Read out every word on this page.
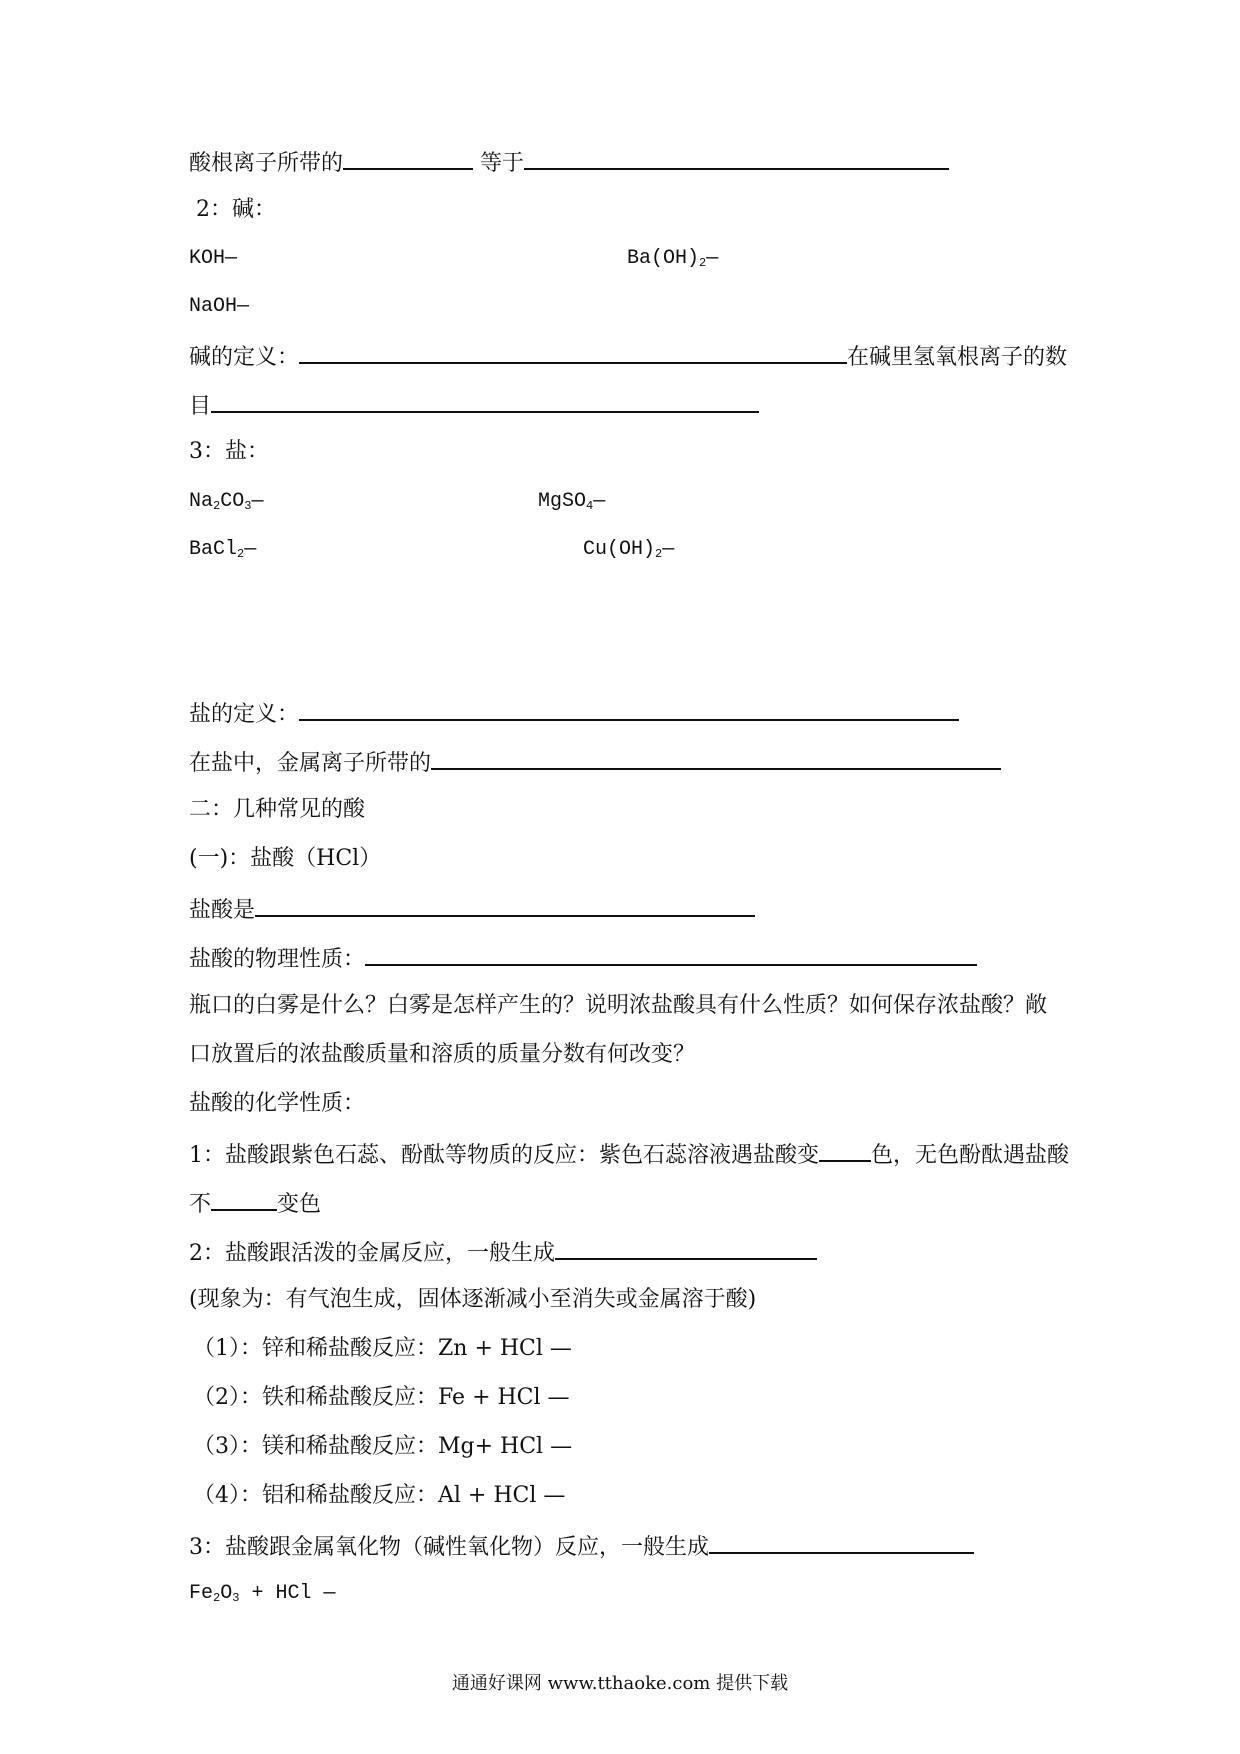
酸根离子所带的	等于
2：碱：
KOH—	$Ba(OH)_2—$
NaOH—
碱的定义：	在碱里氢氧根离子的数
目
3：盐：
$Na_2CO_3—$	MgSO$_4$—
BaCl$_2$—	$Cu(OH)_2—$
盐的定义：
在盐中，金属离子所带的
二：几种常见的酸
(一)：盐酸（HCl）
盐酸是
盐酸的物理性质：
瓶口的白雾是什么？白雾是怎样产生的？说明浓盐酸具有什么性质？如何保存浓盐酸？敞
口放置后的浓盐酸质量和溶质的质量分数有何改变？
盐酸的化学性质：
1：盐酸跟紫色石蕊、酚酞等物质的反应：紫色石蕊溶液遇盐酸变 色，无色酚酞遇盐酸
不	变色
2：盐酸跟活泼的金属反应，一般生成
(现象为：有气泡生成，固体逐渐减小至消失或金属溶于酸)
（1）：锌和稀盐酸反应：Zn + HCl —
（2）：铁和稀盐酸反应：Fe + HCl —
（3）：镁和稀盐酸反应：Mg+ HCl —
（4）：铝和稀盐酸反应：Al + HCl —
3：盐酸跟金属氧化物（碱性氧化物）反应，一般生成
$Fe_2O_3$ + HCl —
通通好课网 www.tthaoke.com 提供下载
